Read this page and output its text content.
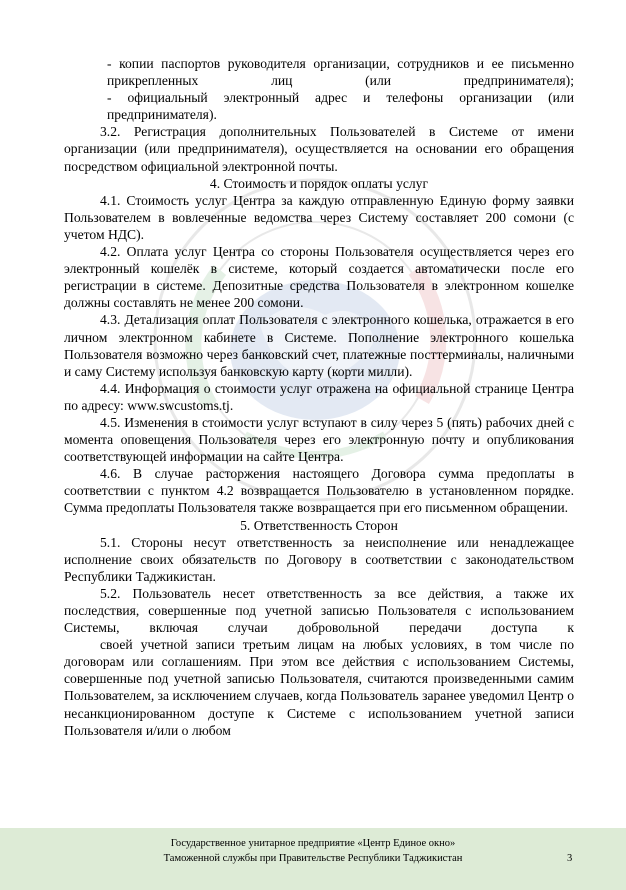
- копии паспортов руководителя организации, сотрудников и ее письменно прикрепленных лиц (или предпринимателя);

- официальный электронный адрес и телефоны организации (или предпринимателя).

3.2. Регистрация дополнительных Пользователей в Системе от имени организации (или предпринимателя), осуществляется на основании его обращения посредством официальной электронной почты.

4. Стоимость и порядок оплаты услуг

4.1. Стоимость услуг Центра за каждую отправленную Единую форму заявки Пользователем в вовлеченные ведомства через Систему составляет 200 сомони (с учетом НДС).

4.2. Оплата услуг Центра со стороны Пользователя осуществляется через его электронный кошелёк в системе, который создается автоматически после его регистрации в системе. Депозитные средства Пользователя в электронном кошелке должны составлять не менее 200 сомони.

4.3. Детализация оплат Пользователя с электронного кошелька, отражается в его личном электронном кабинете в Системе. Пополнение электронного кошелька Пользователя возможно через банковский счет, платежные посттерминалы, наличными и саму Систему используя банковскую карту (корти милли).

4.4. Информация о стоимости услуг отражена на официальной странице Центра по адресу: www.swcustoms.tj.

4.5. Изменения в стоимости услуг вступают в силу через 5 (пять) рабочих дней с момента оповещения Пользователя через его электронную почту и опубликования соответствующей информации на сайте Центра.

4.6. В случае расторжения настоящего Договора сумма предоплаты в соответствии с пунктом 4.2 возвращается Пользователю в установленном порядке. Сумма предоплаты Пользователя также возвращается при его письменном обращении.

5. Ответственность Сторон

5.1. Стороны несут ответственность за неисполнение или ненадлежащее исполнение своих обязательств по Договору в соответствии с законодательством Республики Таджикистан.

5.2. Пользователь несет ответственность за все действия, а также их последствия, совершенные под учетной записью Пользователя с использованием Системы, включая случаи добровольной передачи доступа к

своей учетной записи третьим лицам на любых условиях, в том числе по договорам или соглашениям. При этом все действия с использованием Системы, совершенные под учетной записью Пользователя, считаются произведенными самим Пользователем, за исключением случаев, когда Пользователь заранее уведомил Центр о несанкционированном доступе к Системе с использованием учетной записи Пользователя и/или о любом

Государственное унитарное предприятие «Центр Единое окно»
Таможенной службы при Правительстве Республики Таджикистан	3
